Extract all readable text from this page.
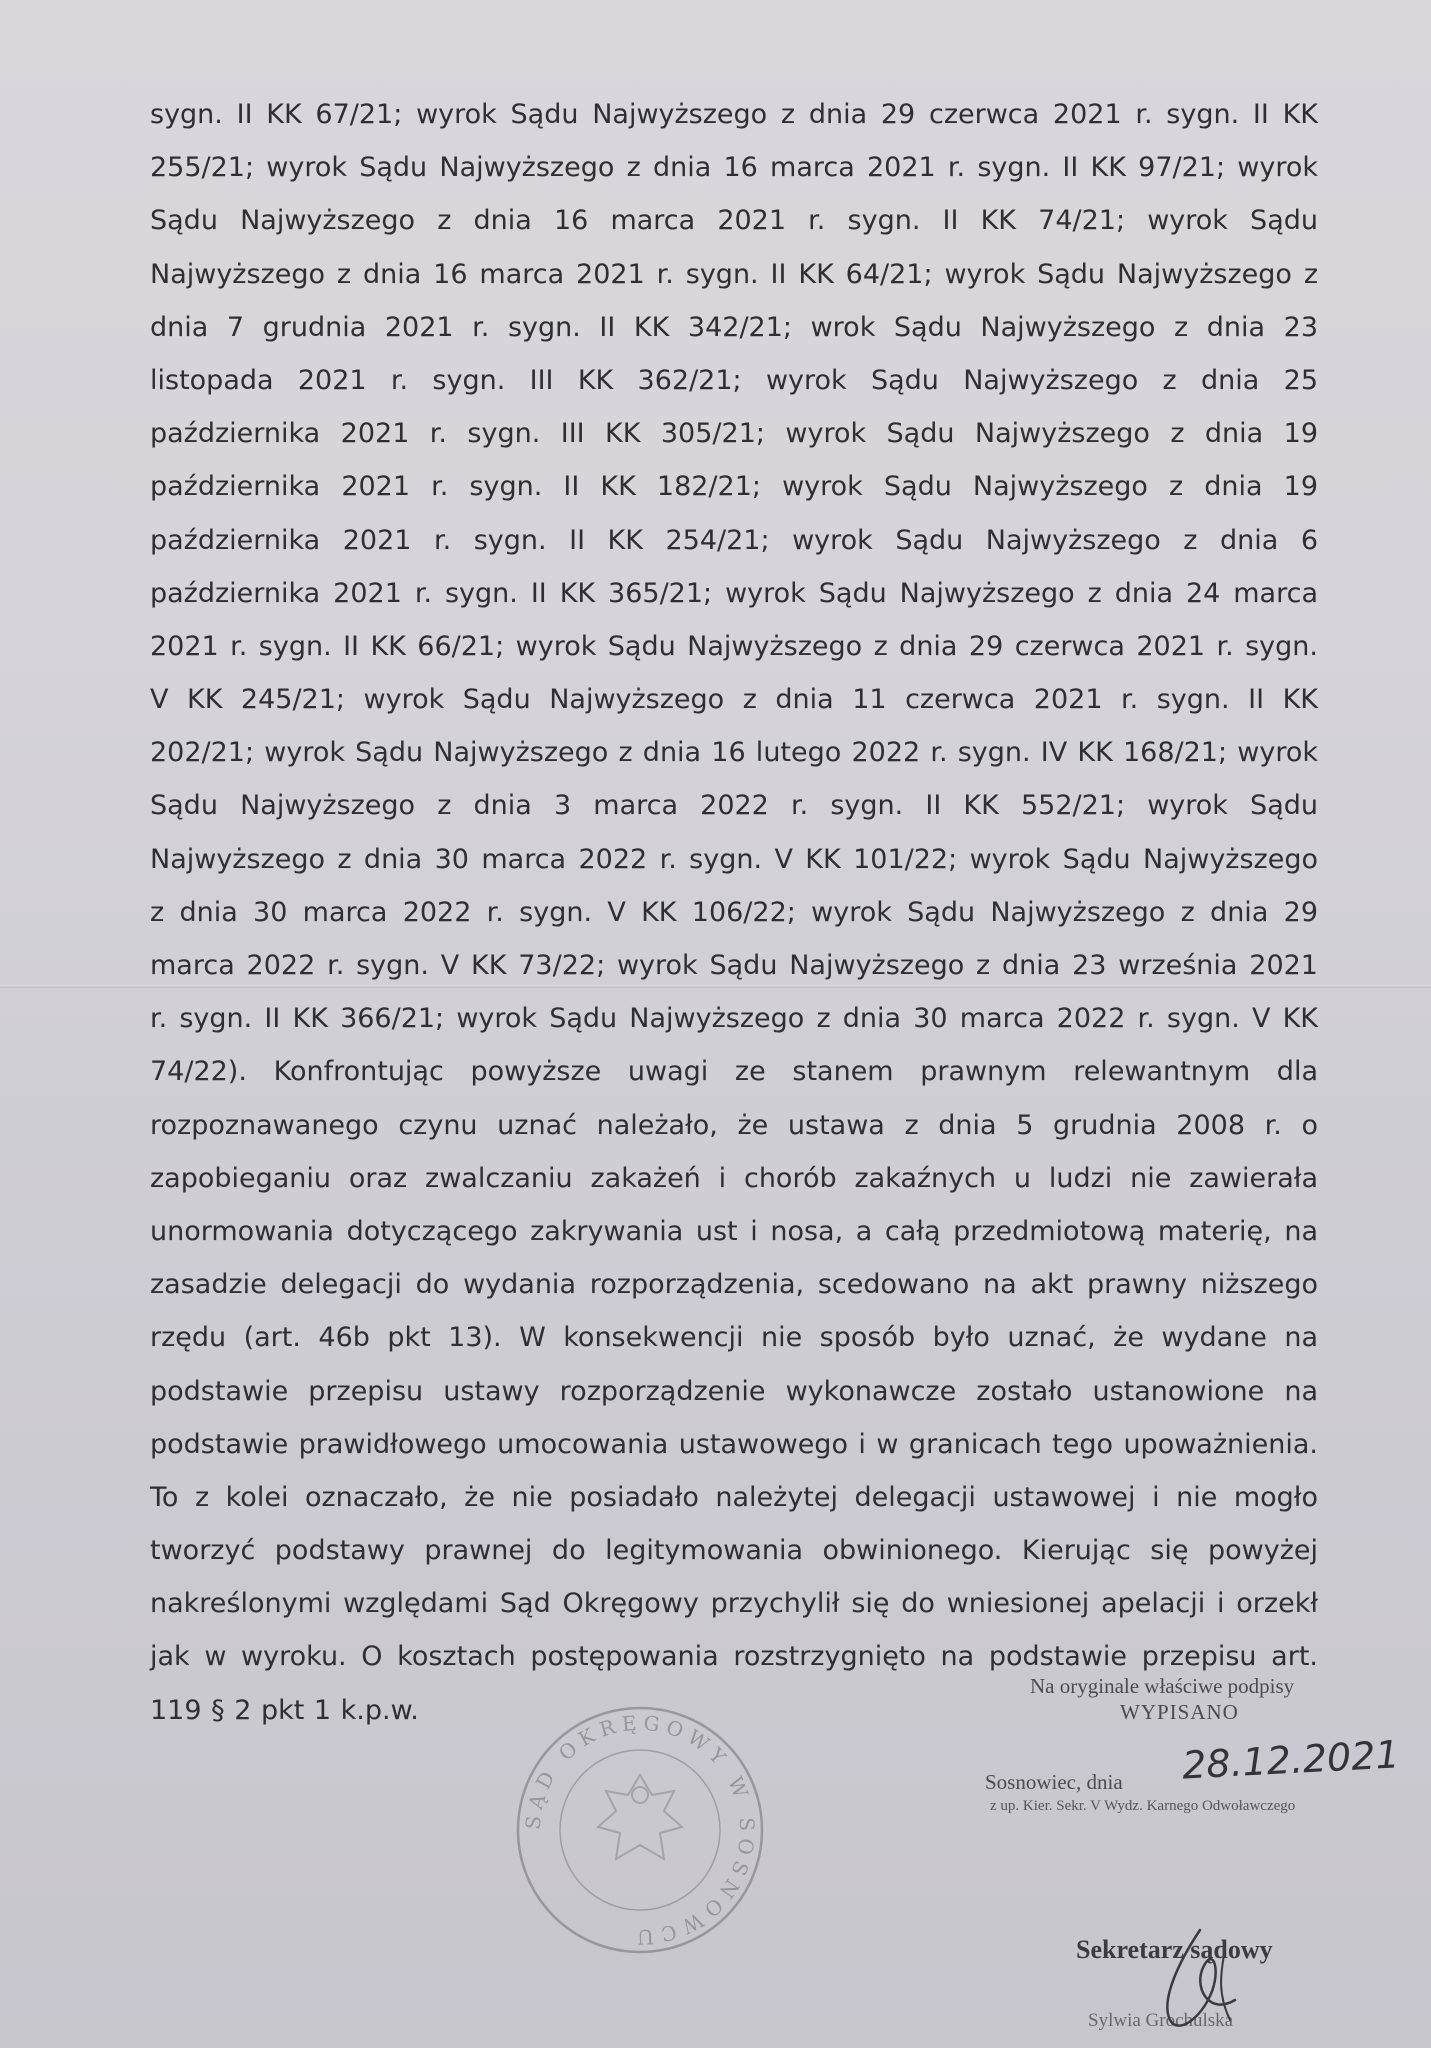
sygn. II KK 67/21; wyrok Sądu Najwyższego z dnia 29 czerwca 2021 r. sygn. II KK
255/21; wyrok Sądu Najwyższego z dnia 16 marca 2021 r. sygn. II KK 97/21; wyrok
Sądu Najwyższego z dnia 16 marca 2021 r. sygn. II KK 74/21; wyrok Sądu
Najwyższego z dnia 16 marca 2021 r. sygn. II KK 64/21; wyrok Sądu Najwyższego z
dnia 7 grudnia 2021 r. sygn. II KK 342/21; wrok Sądu Najwyższego z dnia 23
listopada 2021 r. sygn. III KK 362/21; wyrok Sądu Najwyższego z dnia 25
października 2021 r. sygn. III KK 305/21; wyrok Sądu Najwyższego z dnia 19
października 2021 r. sygn. II KK 182/21; wyrok Sądu Najwyższego z dnia 19
października 2021 r. sygn. II KK 254/21; wyrok Sądu Najwyższego z dnia 6
października 2021 r. sygn. II KK 365/21; wyrok Sądu Najwyższego z dnia 24 marca
2021 r. sygn. II KK 66/21; wyrok Sądu Najwyższego z dnia 29 czerwca 2021 r. sygn.
V KK 245/21; wyrok Sądu Najwyższego z dnia 11 czerwca 2021 r. sygn. II KK
202/21; wyrok Sądu Najwyższego z dnia 16 lutego 2022 r. sygn. IV KK 168/21; wyrok
Sądu Najwyższego z dnia 3 marca 2022 r. sygn. II KK 552/21; wyrok Sądu
Najwyższego z dnia 30 marca 2022 r. sygn. V KK 101/22; wyrok Sądu Najwyższego
z dnia 30 marca 2022 r. sygn. V KK 106/22; wyrok Sądu Najwyższego z dnia 29
marca 2022 r. sygn. V KK 73/22; wyrok Sądu Najwyższego z dnia 23 września 2021
r. sygn. II KK 366/21; wyrok Sądu Najwyższego z dnia 30 marca 2022 r. sygn. V KK
74/22). Konfrontując powyższe uwagi ze stanem prawnym relewantnym dla
rozpoznawanego czynu uznać należało, że ustawa z dnia 5 grudnia 2008 r. o
zapobieganiu oraz zwalczaniu zakażeń i chorób zakaźnych u ludzi nie zawierała
unormowania dotyczącego zakrywania ust i nosa, a całą przedmiotową materię, na
zasadzie delegacji do wydania rozporządzenia, scedowano na akt prawny niższego
rzędu (art. 46b pkt 13). W konsekwencji nie sposób było uznać, że wydane na
podstawie przepisu ustawy rozporządzenie wykonawcze zostało ustanowione na
podstawie prawidłowego umocowania ustawowego i w granicach tego upoważnienia.
To z kolei oznaczało, że nie posiadało należytej delegacji ustawowej i nie mogło
tworzyć podstawy prawnej do legitymowania obwinionego. Kierując się powyżej
nakreślonymi względami Sąd Okręgowy przychylił się do wniesionej apelacji i orzekł
jak w wyroku. O kosztach postępowania rozstrzygnięto na podstawie przepisu art.
119 § 2 pkt 1 k.p.w.
SĄD OKRĘGOWY W SOSNOWCU
Na oryginale właściwe podpisy
WYPISANO
Sosnowiec, dnia 28.12.2021
z up. Kier. Sekr. V Wydz. Karnego Odwoławczego
Sekretarz sądowy
Sylwia Grochulska
